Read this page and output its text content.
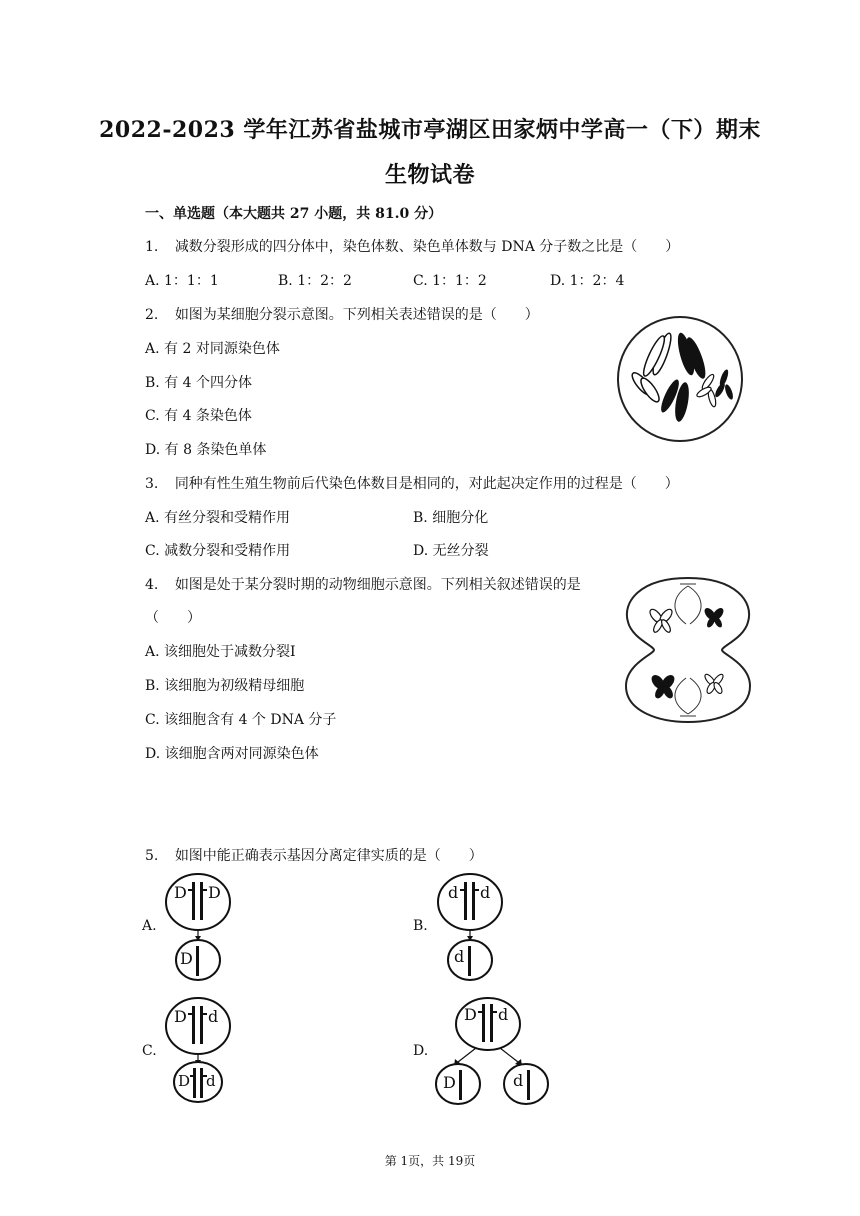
2022-2023 学年江苏省盐城市亭湖区田家炳中学高一（下）期末
生物试卷
一、单选题（本大题共 27 小题，共 81.0 分）
1. 减数分裂形成的四分体中，染色体数、染色单体数与 DNA 分子数之比是（　　）
A. 1：1：1	B. 1：2：2	C. 1：1：2	D. 1：2：4
2. 如图为某细胞分裂示意图。下列相关表述错误的是（　　）
A. 有 2 对同源染色体
B. 有 4 个四分体
C. 有 4 条染色体
D. 有 8 条染色单体
3. 同种有性生殖生物前后代染色体数目是相同的，对此起决定作用的过程是（　　）
A. 有丝分裂和受精作用	B. 细胞分化
C. 减数分裂和受精作用	D. 无丝分裂
4. 如图是处于某分裂时期的动物细胞示意图。下列相关叙述错误的是
（　　）
A. 该细胞处于减数分裂Ⅰ
B. 该细胞为初级精母细胞
C. 该细胞含有 4 个 DNA 分子
D. 该细胞含两对同源染色体
5. 如图中能正确表示基因分离定律实质的是（　　）
A.	B.
C.	D.
D D
D
d d
d
D d
D d
D d
D	d
第 1页，共 19页
